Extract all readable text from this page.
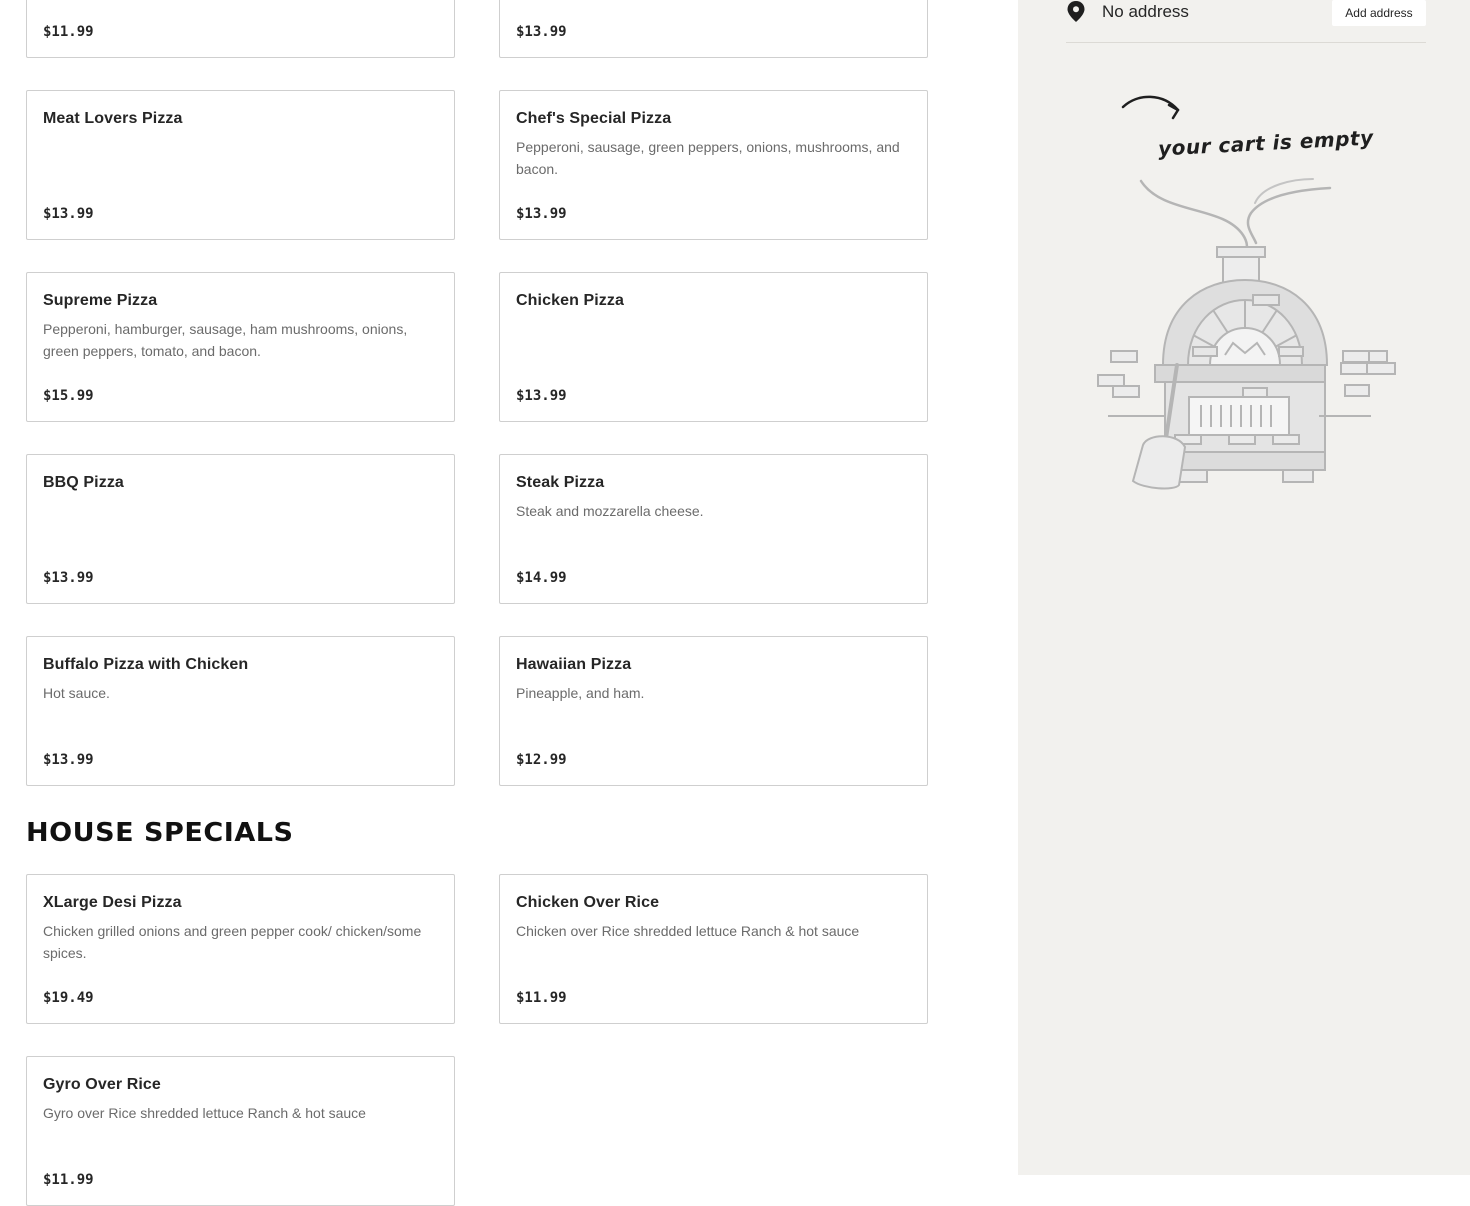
$11.99	$13.99
Meat Lovers Pizza
$13.99
Chef's Special Pizza
Pepperoni, sausage, green peppers, onions, mushrooms, and bacon.
$13.99
Supreme Pizza
Pepperoni, hamburger, sausage, ham mushrooms, onions, green peppers, tomato, and bacon.
$15.99
Chicken Pizza
$13.99
BBQ Pizza
$13.99
Steak Pizza
Steak and mozzarella cheese.
$14.99
Buffalo Pizza with Chicken
Hot sauce.
$13.99
Hawaiian Pizza
Pineapple, and ham.
$12.99
HOUSE SPECIALS
XLarge Desi Pizza
Chicken grilled onions and green pepper cook/ chicken/some spices.
$19.49
Chicken Over Rice
Chicken over Rice shredded lettuce Ranch & hot sauce
$11.99
Gyro Over Rice
Gyro over Rice shredded lettuce Ranch & hot sauce
$11.99
No address	Add address
your cart is empty
